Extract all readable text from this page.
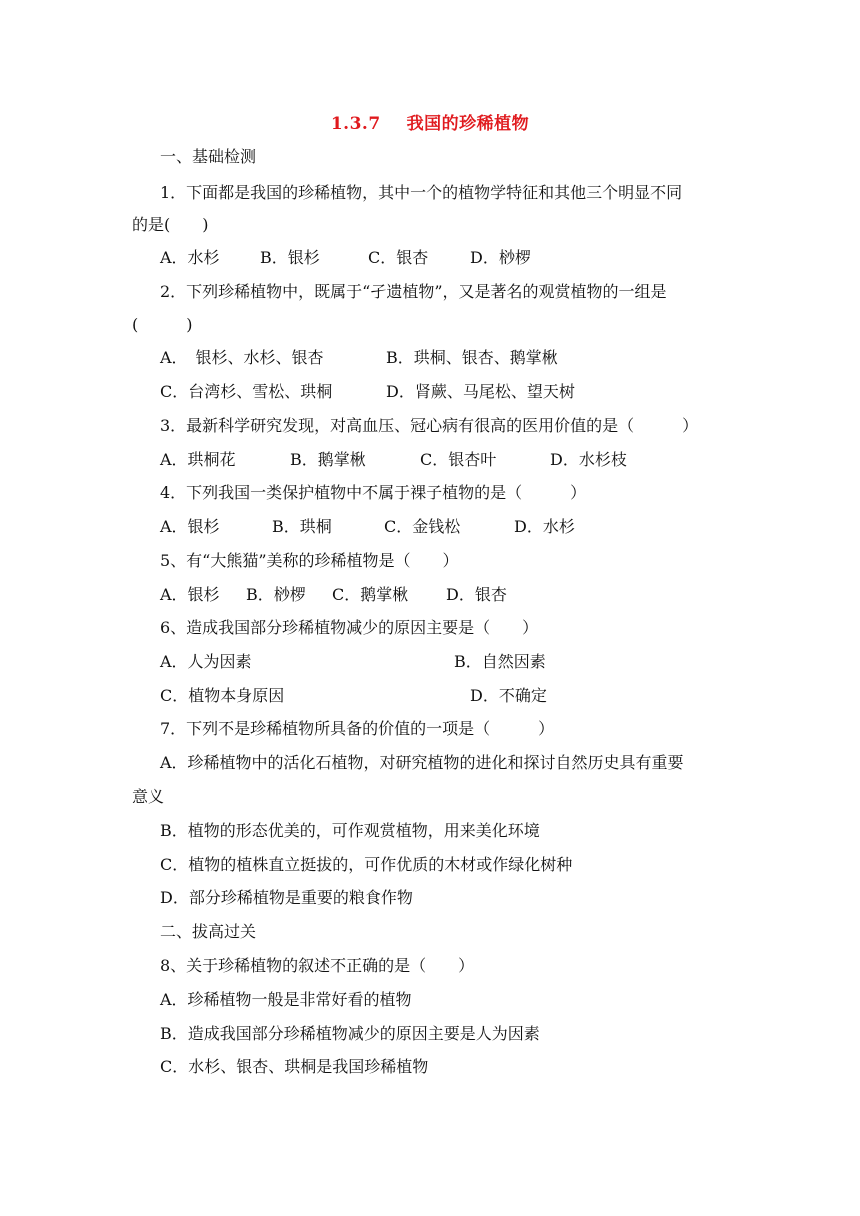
1.3.7 我国的珍稀植物
一、基础检测
1．下面都是我国的珍稀植物，其中一个的植物学特征和其他三个明显不同
的是(　　)
A．水杉	B．银杉	C．银杏	D．桫椤
2．下列珍稀植物中，既属于“孑遗植物”，又是著名的观赏植物的一组是
(　　　)
A．　银杉、水杉、银杏	B．珙桐、银杏、鹅掌楸
C．台湾杉、雪松、珙桐	D．肾蕨、马尾松、望天树
3．最新科学研究发现，对高血压、冠心病有很高的医用价值的是（　　　）
A．珙桐花	B．鹅掌楸	C．银杏叶	D．水杉枝
4．下列我国一类保护植物中不属于裸子植物的是（　　　）
A．银杉	B．珙桐	C．金钱松	D．水杉
5、有“大熊猫”美称的珍稀植物是（　　）
A．银杉 B．桫椤 C．鹅掌楸 D．银杏
6、造成我国部分珍稀植物减少的原因主要是（　　）
A．人为因素	B．自然因素
C．植物本身原因	D．不确定
7．下列不是珍稀植物所具备的价值的一项是（　　　）
A．珍稀植物中的活化石植物，对研究植物的进化和探讨自然历史具有重要
意义
B．植物的形态优美的，可作观赏植物，用来美化环境
C．植物的植株直立挺拔的，可作优质的木材或作绿化树种
D．部分珍稀植物是重要的粮食作物
二、拔高过关
8、关于珍稀植物的叙述不正确的是（　　）
A．珍稀植物一般是非常好看的植物
B．造成我国部分珍稀植物减少的原因主要是人为因素
C．水杉、银杏、珙桐是我国珍稀植物
